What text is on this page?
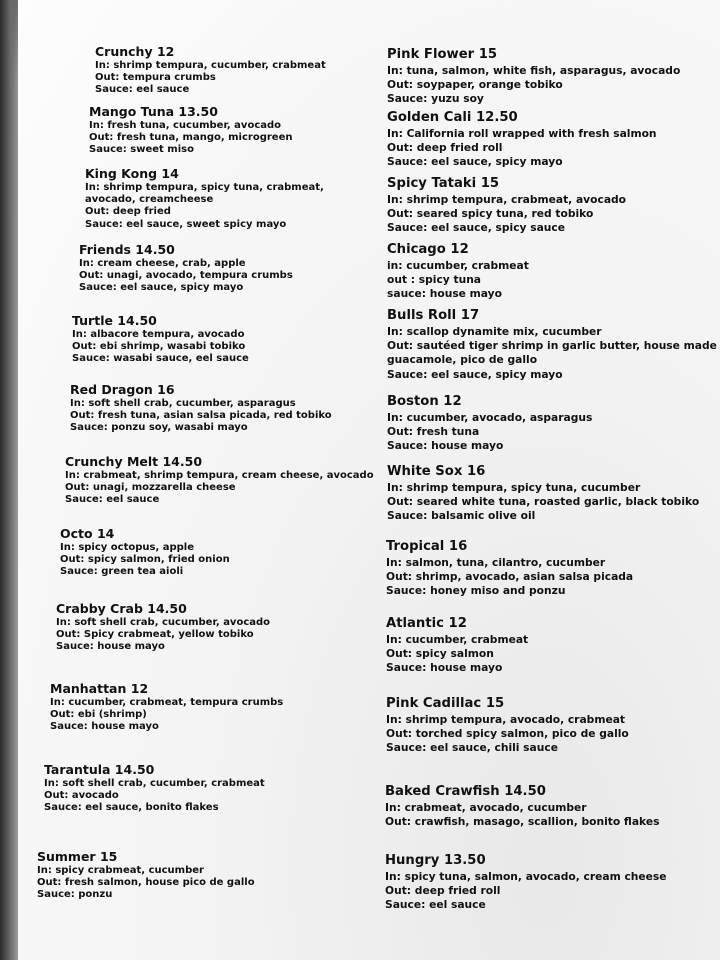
Crunchy 12
In: shrimp tempura, cucumber, crabmeat
Out: tempura crumbs
Sauce: eel sauce
Mango Tuna 13.50
In: fresh tuna, cucumber, avocado
Out: fresh tuna, mango, microgreen
Sauce: sweet miso
King Kong 14
In: shrimp tempura, spicy tuna, crabmeat,
avocado, creamcheese
Out: deep fried
Sauce: eel sauce, sweet spicy mayo
Friends 14.50
In: cream cheese, crab, apple
Out: unagi, avocado, tempura crumbs
Sauce: eel sauce, spicy mayo
Turtle 14.50
In: albacore tempura, avocado
Out: ebi shrimp, wasabi tobiko
Sauce: wasabi sauce, eel sauce
Red Dragon 16
In: soft shell crab, cucumber, asparagus
Out: fresh tuna, asian salsa picada, red tobiko
Sauce: ponzu soy, wasabi mayo
Crunchy Melt 14.50
In: crabmeat, shrimp tempura, cream cheese, avocado
Out: unagi, mozzarella cheese
Sauce: eel sauce
Octo 14
In: spicy octopus, apple
Out: spicy salmon, fried onion
Sauce: green tea aioli
Crabby Crab 14.50
In: soft shell crab, cucumber, avocado
Out: Spicy crabmeat, yellow tobiko
Sauce: house mayo
Manhattan 12
In: cucumber, crabmeat, tempura crumbs
Out: ebi (shrimp)
Sauce: house mayo
Tarantula 14.50
In: soft shell crab, cucumber, crabmeat
Out: avocado
Sauce: eel sauce, bonito flakes
Summer 15
In: spicy crabmeat, cucumber
Out: fresh salmon, house pico de gallo
Sauce: ponzu
Pink Flower 15
In: tuna, salmon, white fish, asparagus, avocado
Out: soypaper, orange tobiko
Sauce: yuzu soy
Golden Cali 12.50
In: California roll wrapped with fresh salmon
Out: deep fried roll
Sauce: eel sauce, spicy mayo
Spicy Tataki 15
In: shrimp tempura, crabmeat, avocado
Out: seared spicy tuna, red tobiko
Sauce: eel sauce, spicy sauce
Chicago 12
in: cucumber, crabmeat
out : spicy tuna
sauce: house mayo
Bulls Roll 17
In: scallop dynamite mix, cucumber
Out: sautéed tiger shrimp in garlic butter, house made
guacamole, pico de gallo
Sauce: eel sauce, spicy mayo
Boston 12
In: cucumber, avocado, asparagus
Out: fresh tuna
Sauce: house mayo
White Sox 16
In: shrimp tempura, spicy tuna, cucumber
Out: seared white tuna, roasted garlic, black tobiko
Sauce: balsamic olive oil
Tropical 16
In: salmon, tuna, cilantro, cucumber
Out: shrimp, avocado, asian salsa picada
Sauce: honey miso and ponzu
Atlantic 12
In: cucumber, crabmeat
Out: spicy salmon
Sauce: house mayo
Pink Cadillac 15
In: shrimp tempura, avocado, crabmeat
Out: torched spicy salmon, pico de gallo
Sauce: eel sauce, chili sauce
Baked Crawfish 14.50
In: crabmeat, avocado, cucumber
Out: crawfish, masago, scallion, bonito flakes
Hungry 13.50
In: spicy tuna, salmon, avocado, cream cheese
Out: deep fried roll
Sauce: eel sauce
